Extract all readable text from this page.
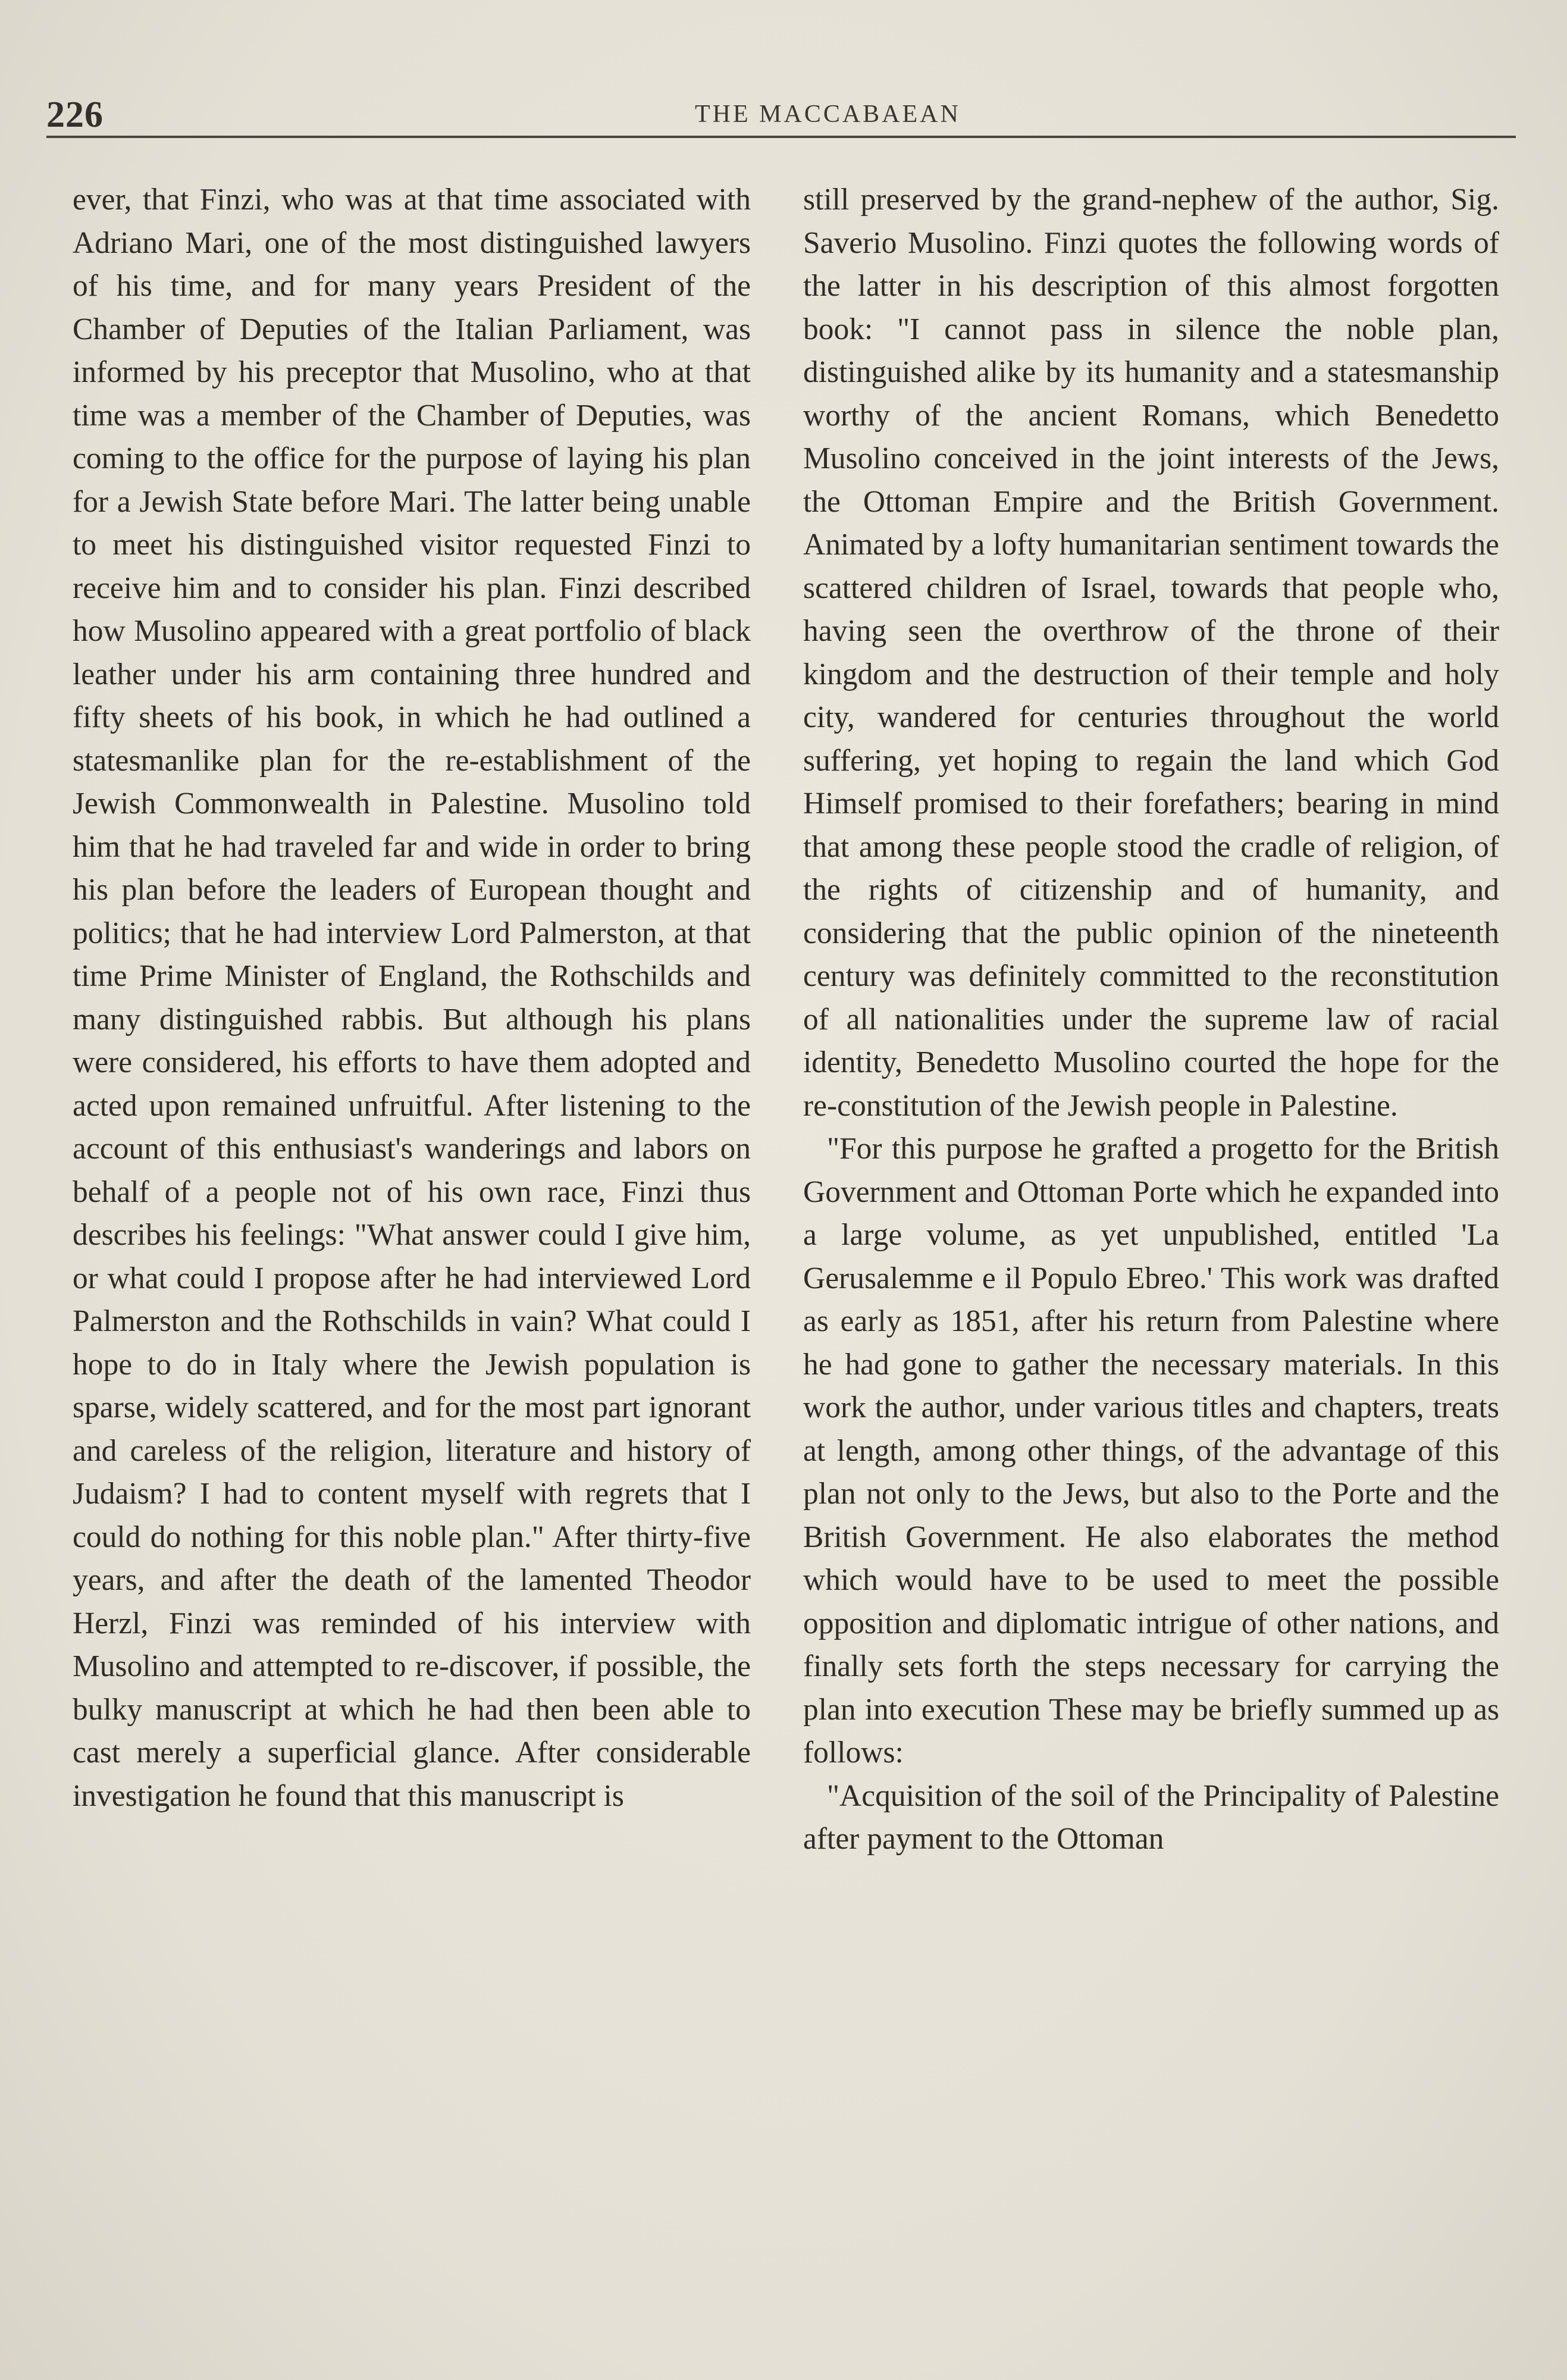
226	THE MACCABAEAN

ever, that Finzi, who was at that time associated with Adriano Mari, one of the most distinguished lawyers of his time, and for many years President of the Chamber of Deputies of the Italian Parliament, was informed by his preceptor that Musolino, who at that time was a member of the Chamber of Deputies, was coming to the office for the purpose of laying his plan for a Jewish State before Mari. The latter being unable to meet his distinguished visitor requested Finzi to receive him and to consider his plan. Finzi described how Musolino appeared with a great portfolio of black leather under his arm containing three hundred and fifty sheets of his book, in which he had outlined a statesmanlike plan for the re-establishment of the Jewish Commonwealth in Palestine. Musolino told him that he had traveled far and wide in order to bring his plan before the leaders of European thought and politics; that he had interview Lord Palmerston, at that time Prime Minister of England, the Rothschilds and many distinguished rabbis. But although his plans were considered, his efforts to have them adopted and acted upon remained unfruitful. After listening to the account of this enthusiast's wanderings and labors on behalf of a people not of his own race, Finzi thus describes his feelings: "What answer could I give him, or what could I propose after he had interviewed Lord Palmerston and the Rothschilds in vain? What could I hope to do in Italy where the Jewish population is sparse, widely scattered, and for the most part ignorant and careless of the religion, literature and history of Judaism? I had to content myself with regrets that I could do nothing for this noble plan." After thirty-five years, and after the death of the lamented Theodor Herzl, Finzi was reminded of his interview with Musolino and attempted to re-discover, if possible, the bulky manuscript at which he had then been able to cast merely a superficial glance. After considerable investigation he found that this manuscript is

still preserved by the grand-nephew of the author, Sig. Saverio Musolino. Finzi quotes the following words of the latter in his description of this almost forgotten book: "I cannot pass in silence the noble plan, distinguished alike by its humanity and a statesmanship worthy of the ancient Romans, which Benedetto Musolino conceived in the joint interests of the Jews, the Ottoman Empire and the British Government. Animated by a lofty humanitarian sentiment towards the scattered children of Israel, towards that people who, having seen the overthrow of the throne of their kingdom and the destruction of their temple and holy city, wandered for centuries throughout the world suffering, yet hoping to regain the land which God Himself promised to their forefathers; bearing in mind that among these people stood the cradle of religion, of the rights of citizenship and of humanity, and considering that the public opinion of the nineteenth century was definitely committed to the reconstitution of all nationalities under the supreme law of racial identity, Benedetto Musolino courted the hope for the re-constitution of the Jewish people in Palestine.

"For this purpose he grafted a progetto for the British Government and Ottoman Porte which he expanded into a large volume, as yet unpublished, entitled 'La Gerusalemme e il Populo Ebreo.' This work was drafted as early as 1851, after his return from Palestine where he had gone to gather the necessary materials. In this work the author, under various titles and chapters, treats at length, among other things, of the advantage of this plan not only to the Jews, but also to the Porte and the British Government. He also elaborates the method which would have to be used to meet the possible opposition and diplomatic intrigue of other nations, and finally sets forth the steps necessary for carrying the plan into execution These may be briefly summed up as follows:

"Acquisition of the soil of the Principality of Palestine after payment to the Ottoman
